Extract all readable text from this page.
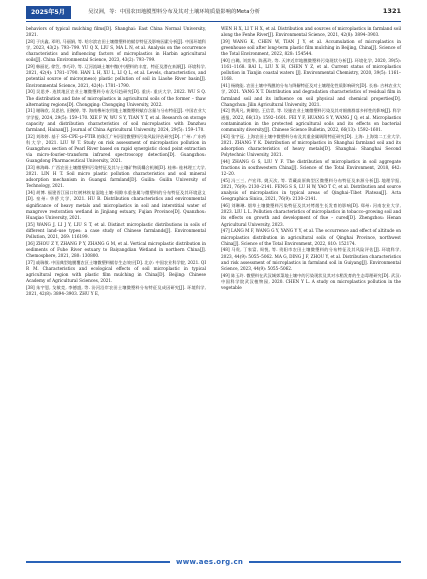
2025年5月	吴汉洲，等：中国农田地膜塑料分布及其对土壤环境质量影响的Meta分析	1321

behaviors of typical mulching films[D]. Shanghai: East China Normal University, 2021.

[28] 于庆鑫, 邓明, 马丽娟, 等. 哈尔滨农田土壤微塑料的赋存特征及影响因素分析[J]. 中国环境科学, 2023, 43(2): 793–799. YU Q X, LIU S, MA L N, et al. Analysis on the occurrence characteristics and influencing factors of microplastics in Harbin agricultural soils[J]. China Environmental Science, 2023, 43(2): 793–799.

[29] 韩丽花, 徐笠, 李巧玲, 等. 辽河流域土壤中微(中)塑料的丰度、特征及潜在来源[J]. 环境科学, 2021, 42(4): 1781–1790. HAN L H, XU L, LI Q L, et al. Levels, characteristics, and potential source of micro(meso) plastic pollution of soil in Liaohe River basin[J]. Environmental Science, 2021, 42(4): 1781–1790.

[30] 吴思齐. 连续地区农业土壤微塑料分布及归趋研究[D]. 重庆: 重庆大学, 2022. WU S Q. The distribution and fate of microplastics in agricultural soils of the former – thaw alternating regions[D]. Chongqing: Chongqing University, 2022.

[31] 谢瑞欣, 吴思怡, 田婉婷, 等. 海南橡州农用地土壤微塑料赋存含量与分布特征[J]. 中国农业大学学报, 2024, 29(5): 159–170. XIE F W, WU S Y, TIAN Y T, et al. Research on storage capacity and distribution characteristics of soil microplastics with Danzhou farmland, Hainan[J]. Journal of China Agricultural University, 2024, 29(5): 159–170.

[32] 刘玮婷. 基于 SS–CPE–μ–FTIR 的珠江广州河段微塑料污染风险评估研究[D]. 广州: 广东药科大学, 2021. LIU W T. Study on risk assessment of microplastics pollution in Guangzhou section of Pearl River based on rapid synergistic cloud point extraction via micro-fourier–transform infrared spectroscopy detection[D]. Guangzhou: Guangdong Pharmaceutical University, 2021.

[33] 林海峰. 广西农田土壤微塑料污染特征及其与土壤矿物质耦合机制[D]. 桂林: 桂林理工大学, 2021. LIN H T. Soil micro plastic pollution characteristics and soil mineral adsorption mechanism in Guangxi farmland[D]. Guilin: Guilin University of Technology, 2021.

[34] 胡博. 福建晋江园口红树林恢复湿地土壤-间隙水重金属与微塑料的分布特征及其环境意义[D]. 泉州: 华侨大学, 2021. HU B. Distribution characteristics and environmental significance of heavy metals and microplastics in soil and interstitial water of mangrove restoration wetland in Jinjiang estuary, Fujian Province[D]. Quanzhou: Huaqiao University, 2021.

[35] WANG J, LI J Y, LIU S T, et al. Distinct microplastic distributions in soils of different land–use types: a case study of Chinese farmlands[J]. Environmental Pollution, 2021, 269: 116199.

[36] ZHOU Z Y, ZHANG P Y, ZHANG G M, et al. Vertical microplastic distribution in sediments of Fuhe River estuary to Baiyangdian Wetland in northern China[J]. Chemosphere, 2021, 280: 130800.

[37] 戚瑞敏. 中国典型地膜覆农区土壤微塑料赋存生态效应[D]. 北京: 中国农业科学院, 2021. QI R M. Characteristics and ecological effects of soil microplastic in typical agricultural region with plastic film mulching in China[D]. Beijing: Chinese Academy of Agricultural Sciences, 2021.

[38] 朱宇恩, 戈敏竞, 李德盛, 等. 汾河沿岸农田土壤微塑料分布特征及成因研究[J]. 环境科学, 2021, 42(8): 3894–3903. ZHU Y E,

WEN H X, LI T H X, et al. Distribution and sources of microplastics in farmland soil along the Fenhe River[J]. Environmental Science, 2021, 42(8): 3894–3903.

[39] WANG K, CHEN W, TIAN J Y, et al. Accumulation of microplastics in greenhouse soil after long-term plastic film mulching in Beijing, China[J]. Science of the Total Environment, 2022, 828: 154544.

[40] 白璐, 刘奕华, 陈燕玲, 等. 天津近岸地膜微塑料污染现状分析[J]. 环境化学, 2020, 39(5): 1161–1168. BAI L, LIU X H, CHEN Y Z, et al. Current status of microplastics pollution in Tianjin coastal waters [J]. Environmental Chemistry, 2020, 39(5): 1161–1168.

[41] 杨晓能. 农田土壤中残膜的分布与降解特征及对土壤理化性质影响研究[D]. 长春: 吉林农业大学, 2021. YANG X T. Distribution and degradation characteristics of residual film in farmland soil and its influence on soil physical and chemical properties[D]. Changchun: Jilin Agricultural University, 2021.

[42] 费禹凡, 黄卿宸, 王信青, 等. 设施农业土壤微塑料污染及其对细菌群落多样性的影响[J]. 科学通报, 2022, 66(13): 1592–1601. FEI Y F, HUANG S Y, WANG J Q, et al. Microplastics contamination in the protected agricultural soils and its effects on bacterial community diversity[J]. Chinese Science Bulletin, 2022, 66(13): 1592–1601.

[43] 张宇冠. 上海农田土壤中微塑料分布及其重金属吸附特征研究[D]. 上海: 上海第二工业大学, 2021. ZHANG Y K. Distribution of microplastics in Shanghai farmland soil and its adsorption characteristics of heavy metals[D]. Shanghai: Shanghai Second Polytechnic University, 2021.

[44] ZHANG G S, LIU Y F. The distribution of microplastics in soil aggregate fractions in southwestern China[J]. Science of the Total Environment, 2018, 642: 12–20.

[45] 冯三三, 卢宏玮, 姚天次, 等. 青藏高原典型区微塑料分布特征及来源分析[J]. 地理学报, 2021, 76(9): 2130–2141. FENG S S, LU H W, YAO T C, et al. Distribution and source analysis of microplastics in typical areas of Qinghai–Tibet Plateau[J]. Acta Geographica Sinica, 2021, 76(9): 2130–2141.

[46] 刘琳琳. 烟草土壤微塑料污染特征及其对烤烟生长发育的影响[D]. 郑州: 河南农业大学, 2023. LIU L L. Pollution characteristics of microplastics in tobacco–growing soil and its effects on growth and development of flue – cured[D]. Zhengzhou: Henan Agricultural University, 2023.

[47] LANG M F, WANG G Y, YANG Y Y, et al. The occurrence and effect of altitude on microplastics distribution in agricultural soils of Qinghai Province, northwest China[J]. Science of the Total Environment, 2022, 810: 152174.

[48] 马贵, 丁家富, 周悦, 等. 贵阳市农田土壤微塑料的分布特征及其风险评估[J]. 环境科学, 2023, 44(9): 5055–5062. MA G, DING J F, ZHOU Y, et al. Distribution characteristics and risk assessment of microplastics in farmland soil in Guiyang[J]. Environmental Science, 2023, 44(9): 5055–5062.

[49] 陈玉玲. 微塑料在武汉城郊菜地土壤中的污染现状及其对水稻发育的生态毒理研究[D]. 武汉: 中国科学院武汉植物园, 2020. CHEN Y L. A study on microplastics pollution in the vegetable

www.aes.org.cn
